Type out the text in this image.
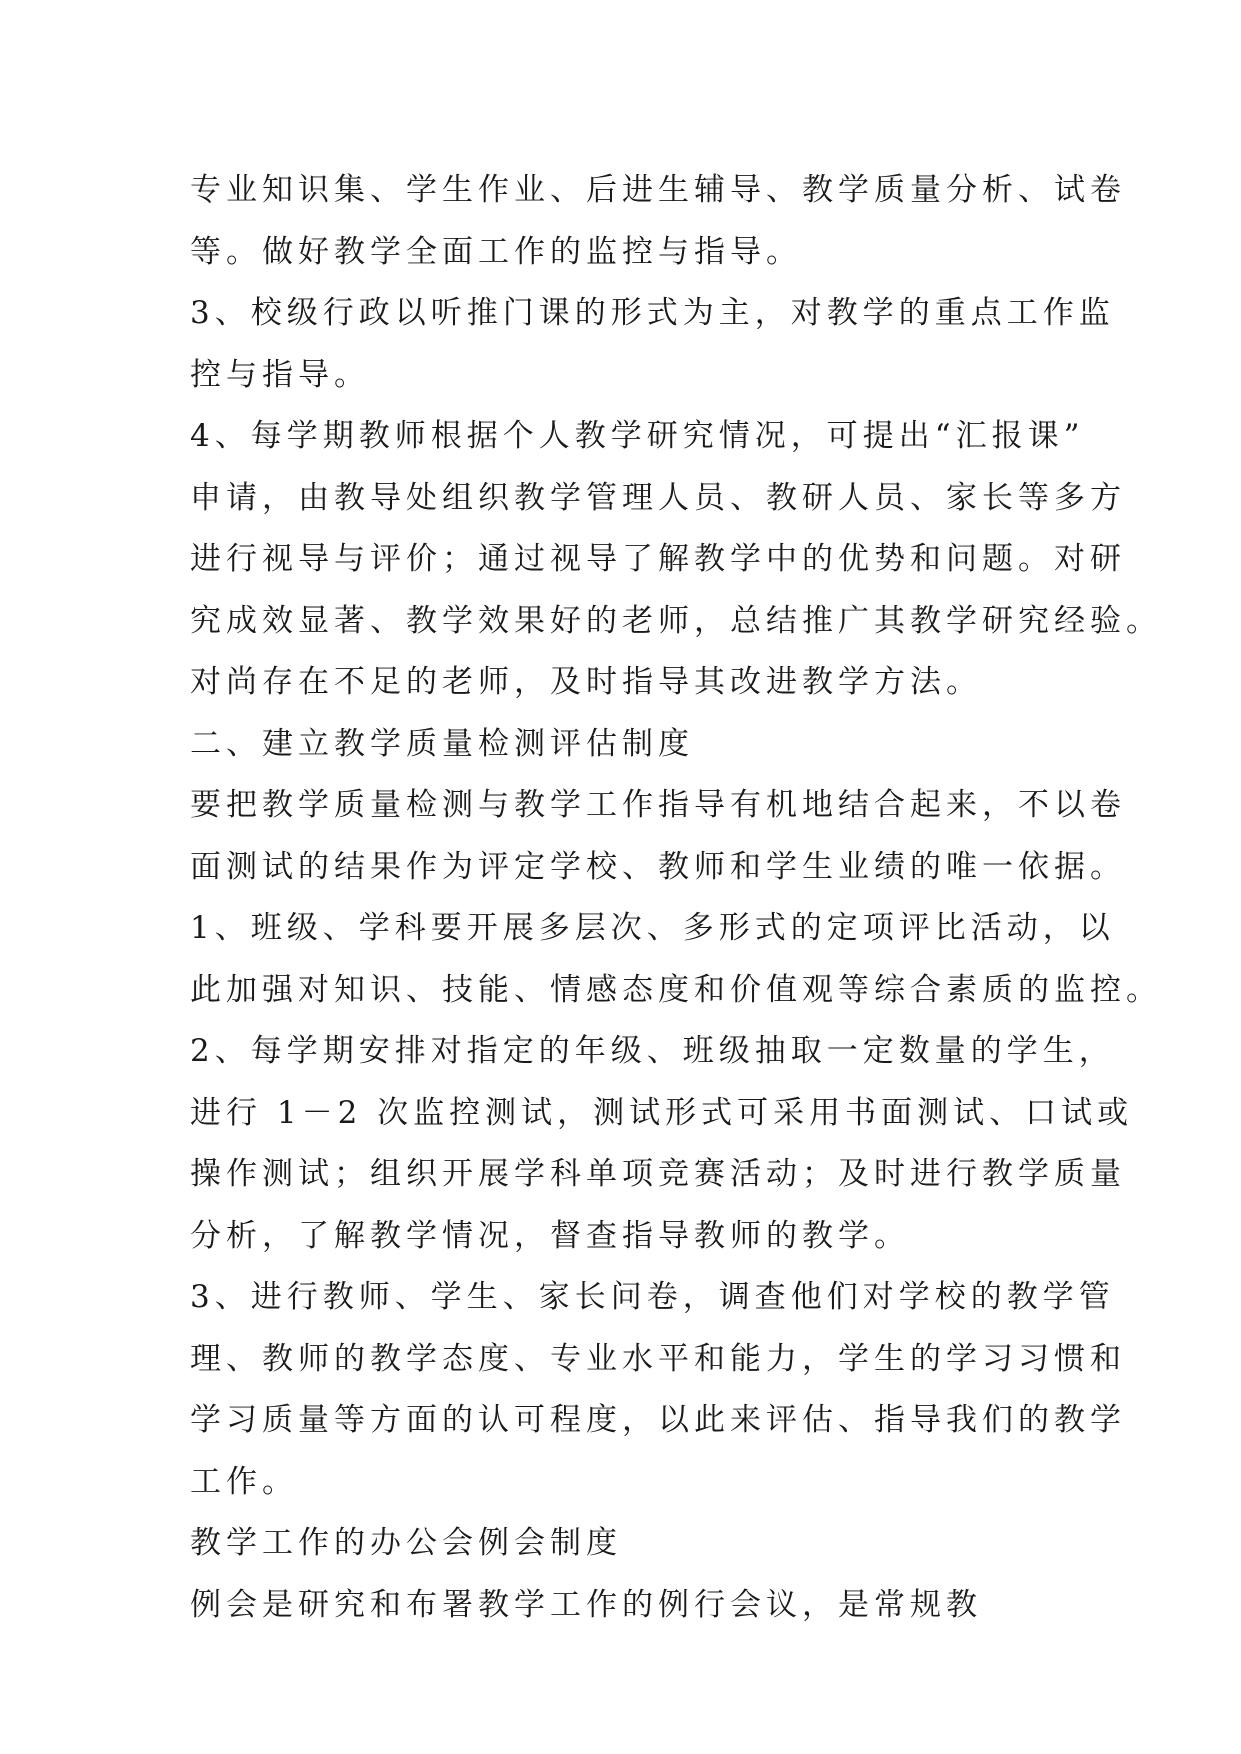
专业知识集、学生作业、后进生辅导、教学质量分析、试卷
等。做好教学全面工作的监控与指导。
3、校级行政以听推门课的形式为主，对教学的重点工作监
控与指导。
4、每学期教师根据个人教学研究情况，可提出“汇报课”
申请，由教导处组织教学管理人员、教研人员、家长等多方
进行视导与评价；通过视导了解教学中的优势和问题。对研
究成效显著、教学效果好的老师，总结推广其教学研究经验。
对尚存在不足的老师，及时指导其改进教学方法。
二、建立教学质量检测评估制度
要把教学质量检测与教学工作指导有机地结合起来，不以卷
面测试的结果作为评定学校、教师和学生业绩的唯一依据。
1、班级、学科要开展多层次、多形式的定项评比活动，以
此加强对知识、技能、情感态度和价值观等综合素质的监控。
2、每学期安排对指定的年级、班级抽取一定数量的学生，
进行 1－2 次监控测试，测试形式可采用书面测试、口试或
操作测试；组织开展学科单项竞赛活动；及时进行教学质量
分析，了解教学情况，督查指导教师的教学。
3、进行教师、学生、家长问卷，调查他们对学校的教学管
理、教师的教学态度、专业水平和能力，学生的学习习惯和
学习质量等方面的认可程度，以此来评估、指导我们的教学
工作。
教学工作的办公会例会制度
例会是研究和布署教学工作的例行会议，是常规教
